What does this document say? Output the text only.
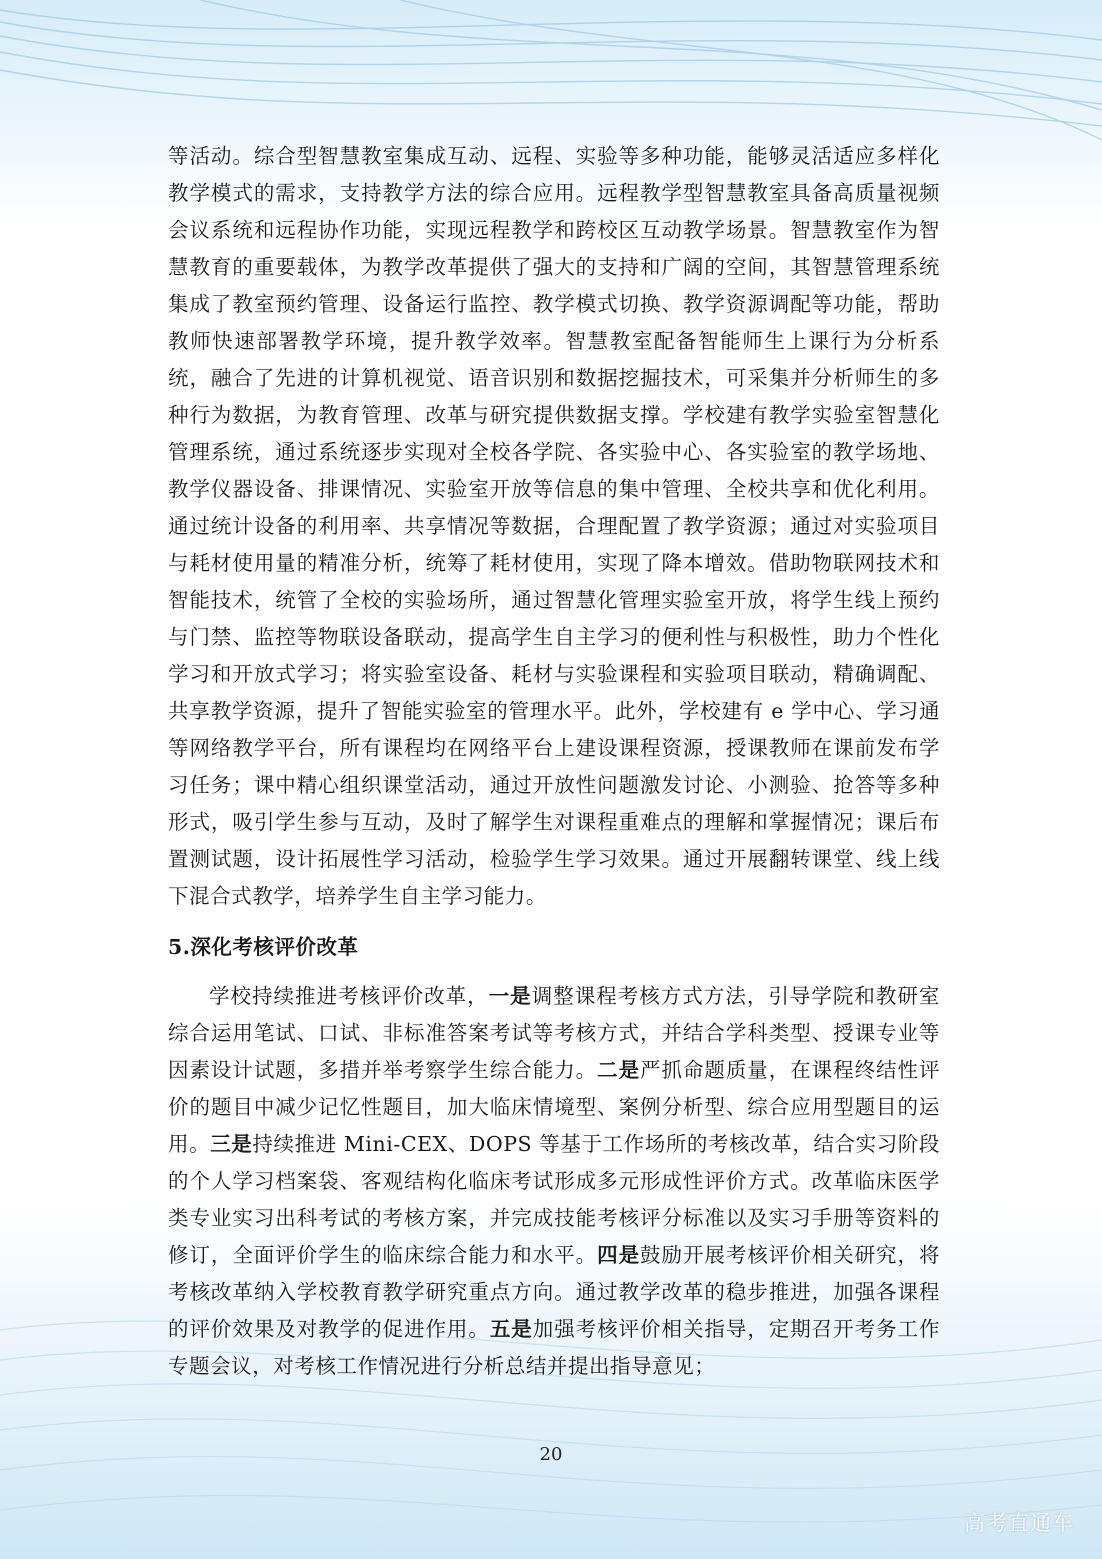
等活动。综合型智慧教室集成互动、远程、实验等多种功能，能够灵活适应多样化教学模式的需求，支持教学方法的综合应用。远程教学型智慧教室具备高质量视频会议系统和远程协作功能，实现远程教学和跨校区互动教学场景。智慧教室作为智慧教育的重要载体，为教学改革提供了强大的支持和广阔的空间，其智慧管理系统集成了教室预约管理、设备运行监控、教学模式切换、教学资源调配等功能，帮助教师快速部署教学环境，提升教学效率。智慧教室配备智能师生上课行为分析系统，融合了先进的计算机视觉、语音识别和数据挖掘技术，可采集并分析师生的多种行为数据，为教育管理、改革与研究提供数据支撑。学校建有教学实验室智慧化管理系统，通过系统逐步实现对全校各学院、各实验中心、各实验室的教学场地、教学仪器设备、排课情况、实验室开放等信息的集中管理、全校共享和优化利用。通过统计设备的利用率、共享情况等数据，合理配置了教学资源；通过对实验项目与耗材使用量的精准分析，统筹了耗材使用，实现了降本增效。借助物联网技术和智能技术，统管了全校的实验场所，通过智慧化管理实验室开放，将学生线上预约与门禁、监控等物联设备联动，提高学生自主学习的便利性与积极性，助力个性化学习和开放式学习；将实验室设备、耗材与实验课程和实验项目联动，精确调配、共享教学资源，提升了智能实验室的管理水平。此外，学校建有 e 学中心、学习通等网络教学平台，所有课程均在网络平台上建设课程资源，授课教师在课前发布学习任务；课中精心组织课堂活动，通过开放性问题激发讨论、小测验、抢答等多种形式，吸引学生参与互动，及时了解学生对课程重难点的理解和掌握情况；课后布置测试题，设计拓展性学习活动，检验学生学习效果。通过开展翻转课堂、线上线下混合式教学，培养学生自主学习能力。

5.深化考核评价改革

学校持续推进考核评价改革，一是调整课程考核方式方法，引导学院和教研室综合运用笔试、口试、非标准答案考试等考核方式，并结合学科类型、授课专业等因素设计试题，多措并举考察学生综合能力。二是严抓命题质量，在课程终结性评价的题目中减少记忆性题目，加大临床情境型、案例分析型、综合应用型题目的运用。三是持续推进 Mini-CEX、DOPS 等基于工作场所的考核改革，结合实习阶段的个人学习档案袋、客观结构化临床考试形成多元形成性评价方式。改革临床医学类专业实习出科考试的考核方案，并完成技能考核评分标准以及实习手册等资料的修订，全面评价学生的临床综合能力和水平。四是鼓励开展考核评价相关研究，将考核改革纳入学校教育教学研究重点方向。通过教学改革的稳步推进，加强各课程的评价效果及对教学的促进作用。五是加强考核评价相关指导，定期召开考务工作专题会议，对考核工作情况进行分析总结并提出指导意见；

20
高考直通车
